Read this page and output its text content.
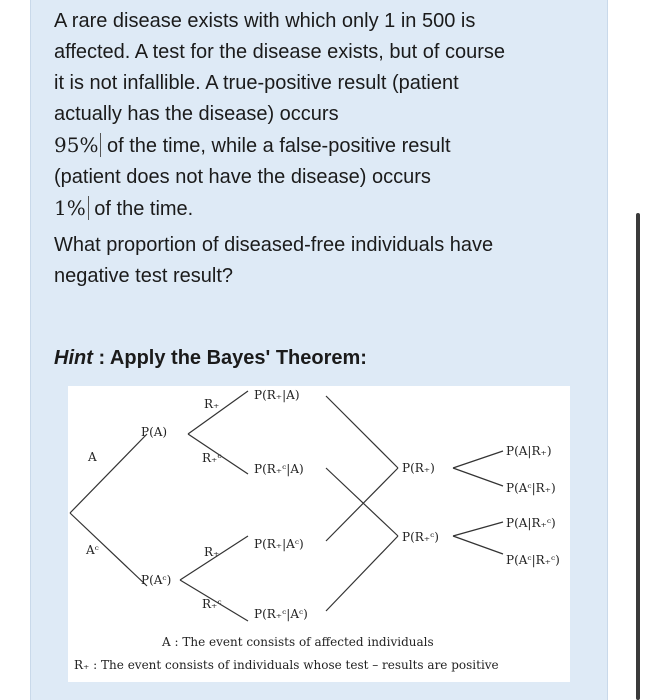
A rare disease exists with which only 1 in 500 is
affected. A test for the disease exists, but of course
it is not infallible. A true-positive result (patient
actually has the disease) occurs
95% of the time, while a false-positive result
(patient does not have the disease) occurs
1% of the time.
What proportion of diseased-free individuals have
negative test result?
Hint : Apply the Bayes' Theorem:
A
Aᶜ
P(A)
P(Aᶜ)
R₊
R₊ᶜ
R₊
R₊ᶜ
P(R₊|A)
P(R₊ᶜ|A)
P(R₊|Aᶜ)
P(R₊ᶜ|Aᶜ)
P(R₊)
P(R₊ᶜ)
P(A|R₊)
P(Aᶜ|R₊)
P(A|R₊ᶜ)
P(Aᶜ|R₊ᶜ)
A : The event consists of affected individuals
R₊ : The event consists of individuals whose test – results are positive
